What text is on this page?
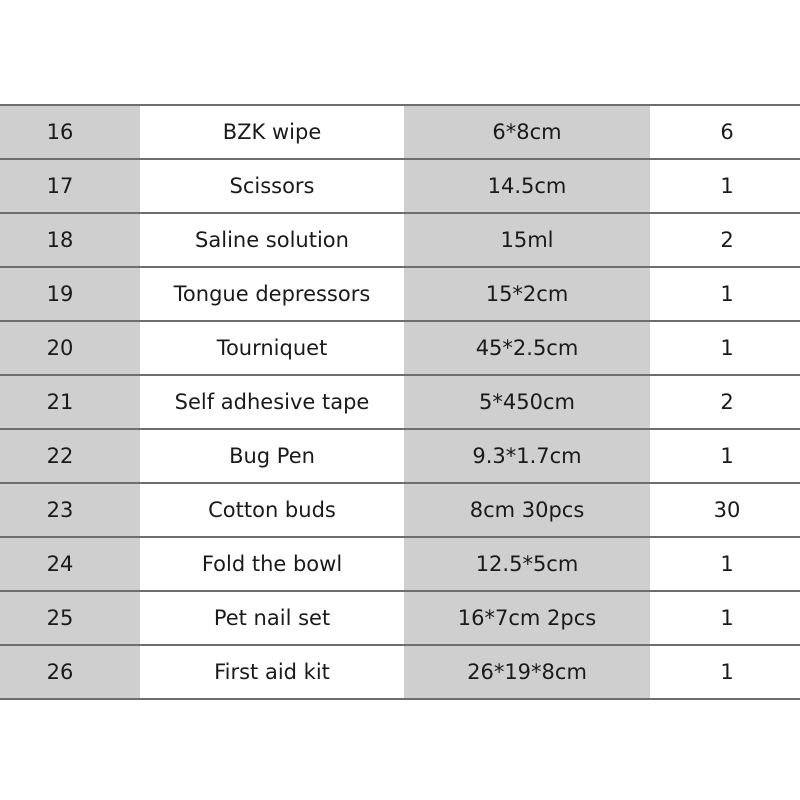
16	BZK wipe	6*8cm	6
17	Scissors	14.5cm	1
18	Saline solution	15ml	2
19	Tongue depressors	15*2cm	1
20	Tourniquet	45*2.5cm	1
21	Self adhesive tape	5*450cm	2
22	Bug Pen	9.3*1.7cm	1
23	Cotton buds	8cm 30pcs	30
24	Fold the bowl	12.5*5cm	1
25	Pet nail set	16*7cm 2pcs	1
26	First aid kit	26*19*8cm	1
